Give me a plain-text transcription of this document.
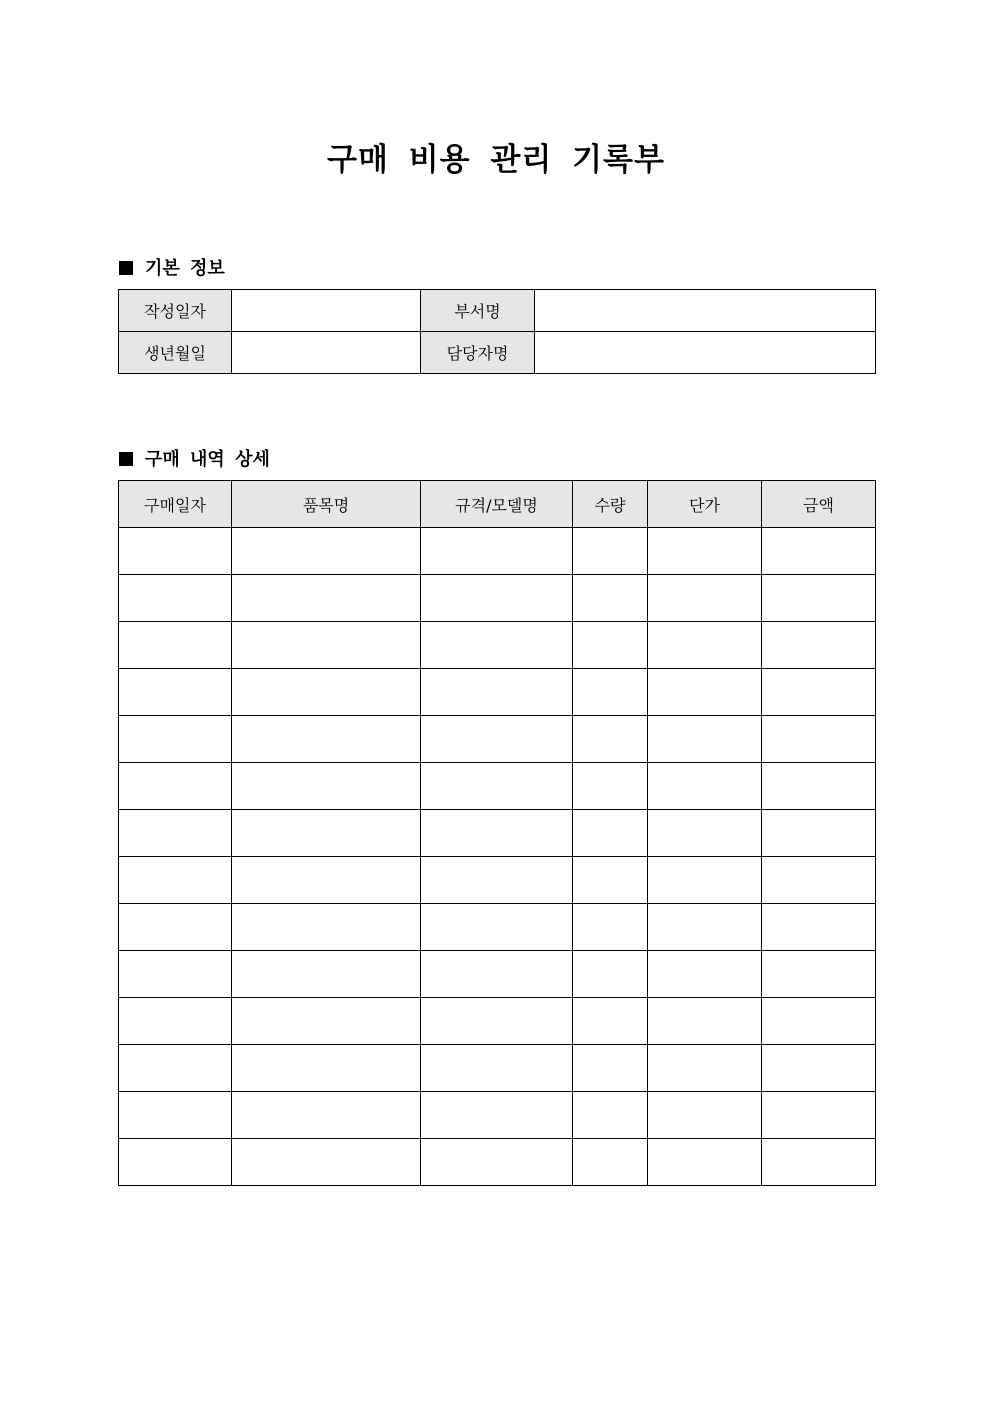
구매 비용 관리 기록부
기본 정보
작성일자		부서명	
생년월일		담당자명	
구매 내역 상세
구매일자	품목명	규격/모델명	수량	단가	금액
